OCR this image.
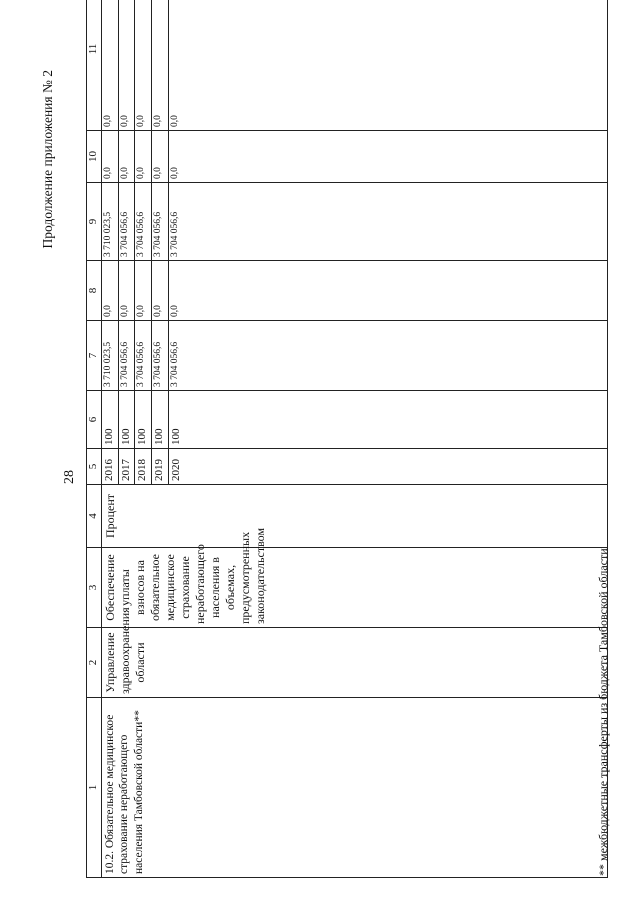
28
Продолжение приложения № 2
1	2	3	4	5	6	7	8	9	10	11
10.2. Обязательное медицинское страхование неработающего населения Тамбовской области**	Управление здравоохранения области	Обеспечение уплаты взносов на обязательное медицинское страхование неработающего населения в объемах, предусмотренных законодательством	Процент	2016	100	3 710 023,5	0,0	3 710 023,5	0,0	0,0
				2017	100	3 704 056,6	0,0	3 704 056,6	0,0	0,0
				2018	100	3 704 056,6	0,0	3 704 056,6	0,0	0,0
				2019	100	3 704 056,6	0,0	3 704 056,6	0,0	0,0
				2020	100	3 704 056,6	0,0	3 704 056,6	0,0	0,0

** межбюджетные трансферты из бюджета Тамбовской области
